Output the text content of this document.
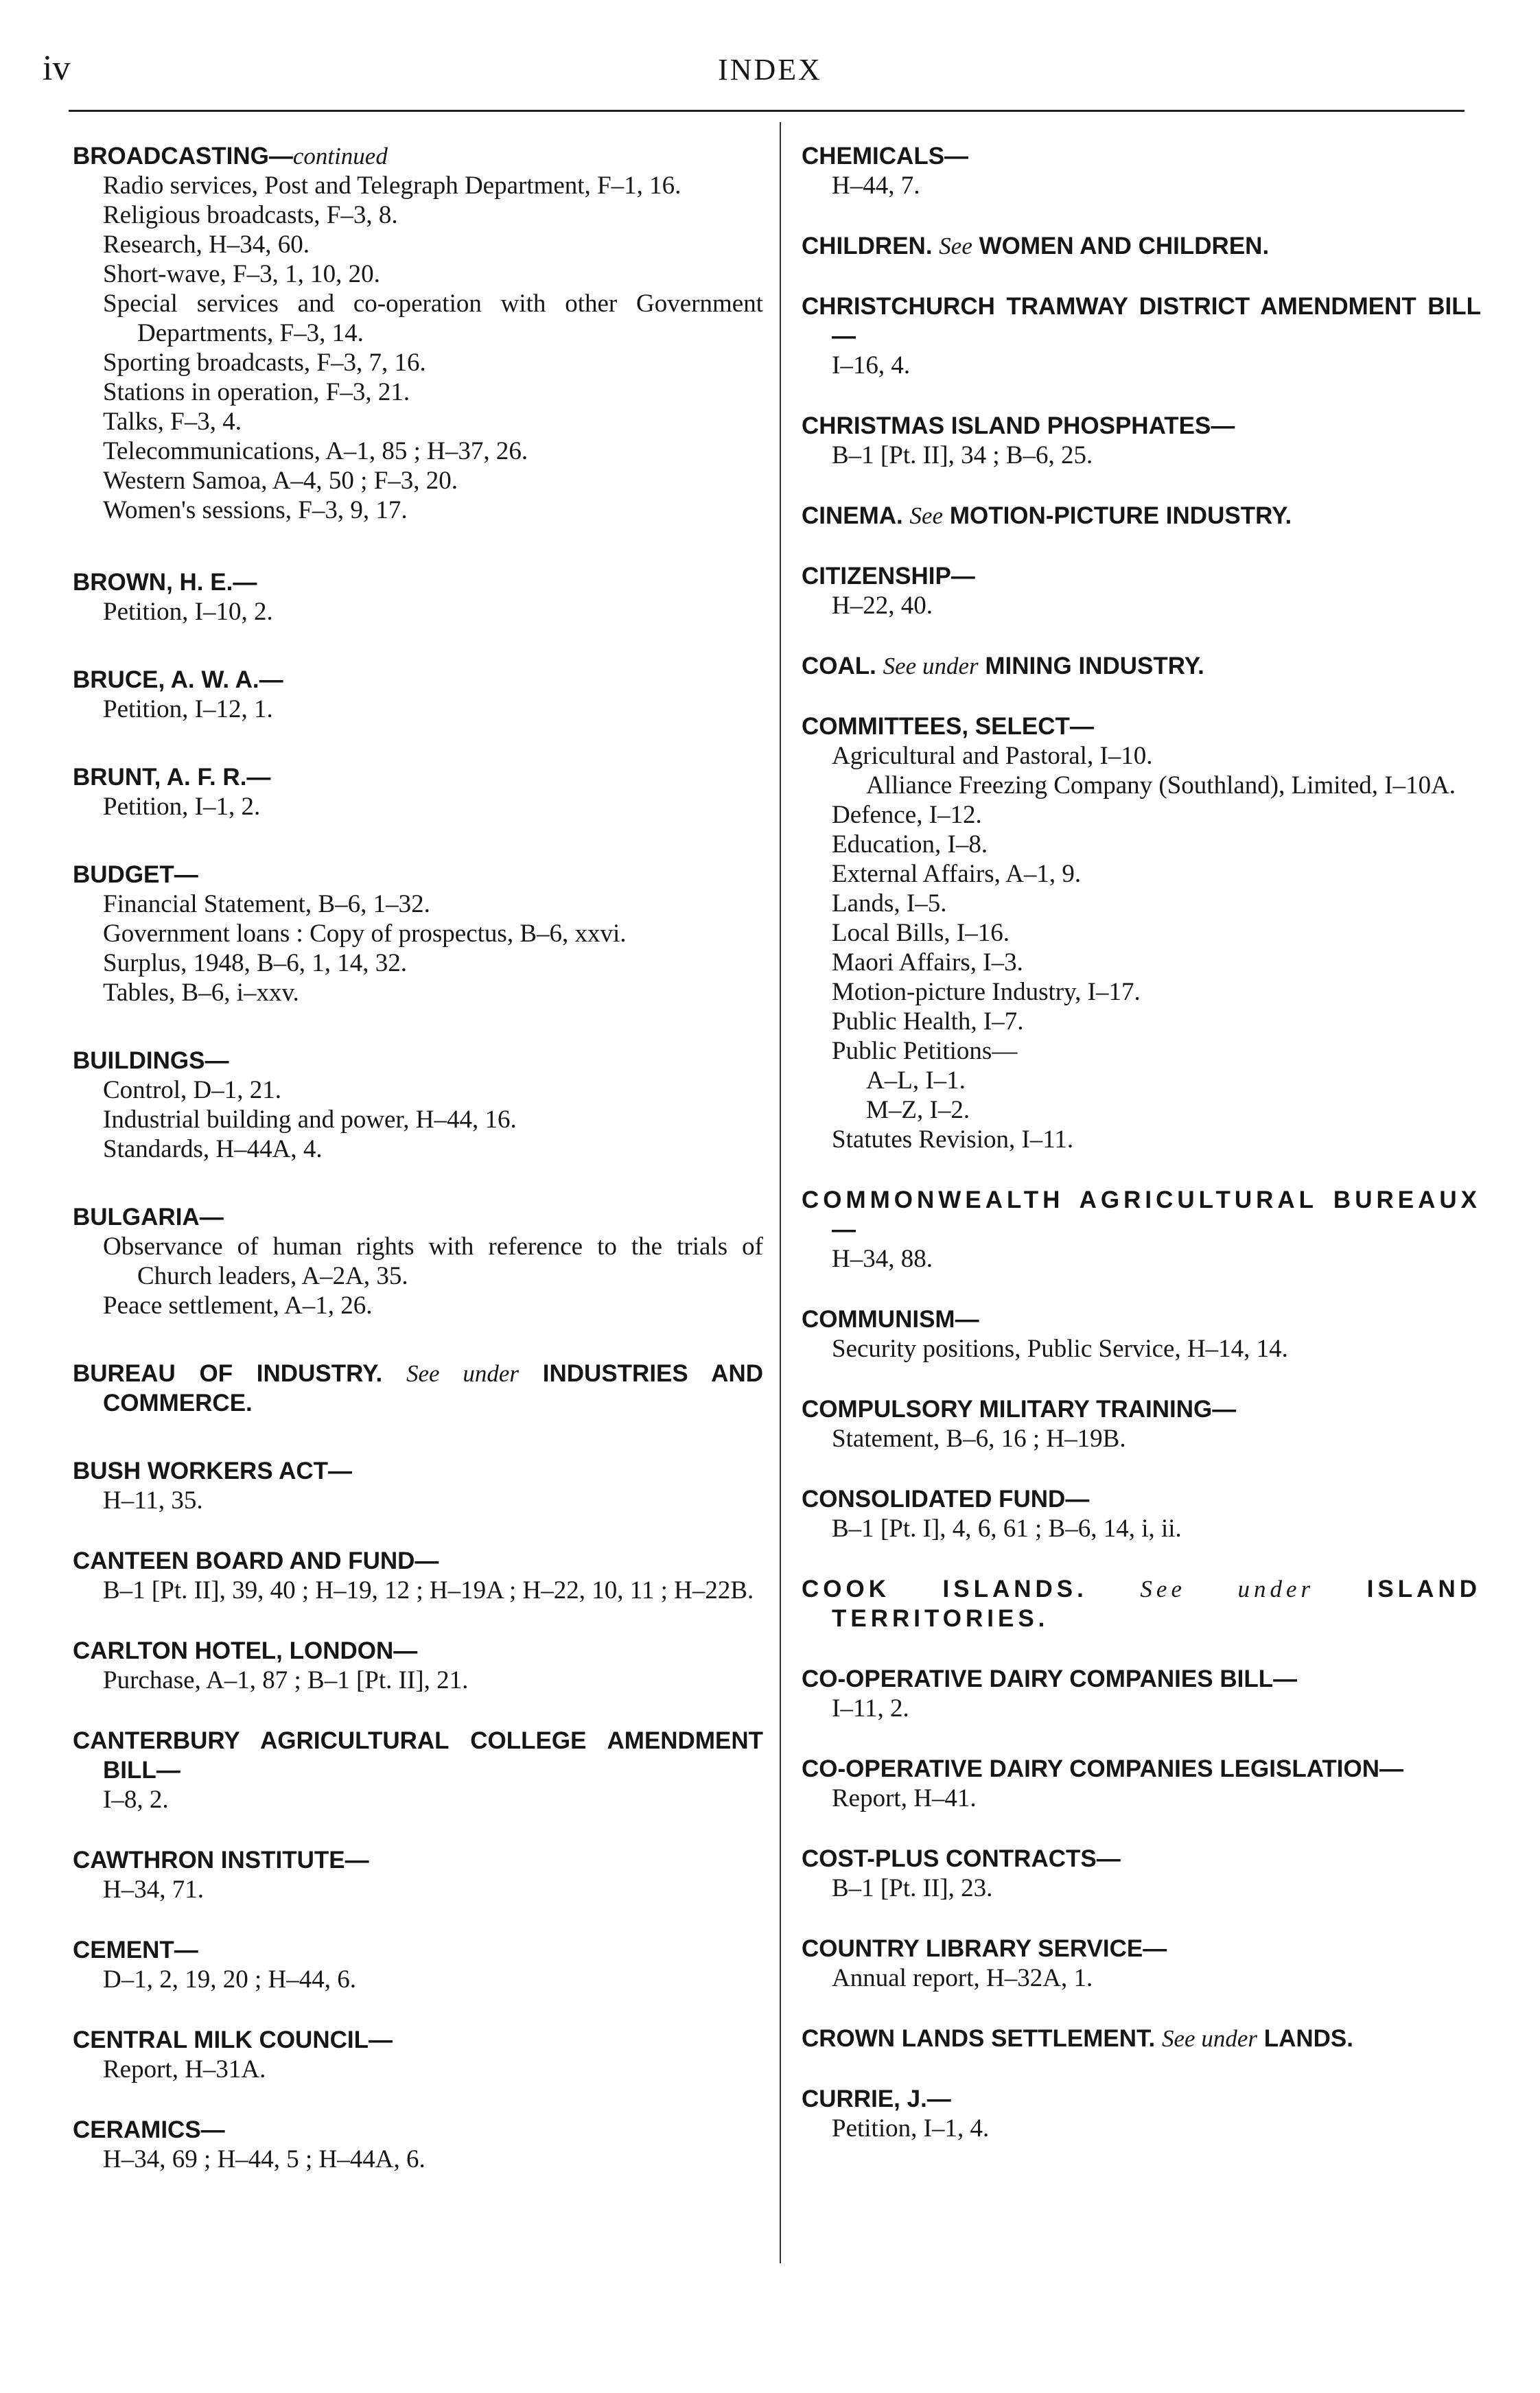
iv	INDEX
BROADCASTING—continued
Radio services, Post and Telegraph Department, F–1, 16.
Religious broadcasts, F–3, 8.
Research, H–34, 60.
Short-wave, F–3, 1, 10, 20.
Special services and co-operation with other Government Departments, F–3, 14.
Sporting broadcasts, F–3, 7, 16.
Stations in operation, F–3, 21.
Talks, F–3, 4.
Telecommunications, A–1, 85 ; H–37, 26.
Western Samoa, A–4, 50 ; F–3, 20.
Women's sessions, F–3, 9, 17.
BROWN, H. E.—
Petition, I–10, 2.
BRUCE, A. W. A.—
Petition, I–12, 1.
BRUNT, A. F. R.—
Petition, I–1, 2.
BUDGET—
Financial Statement, B–6, 1–32.
Government loans : Copy of prospectus, B–6, xxvi.
Surplus, 1948, B–6, 1, 14, 32.
Tables, B–6, i–xxv.
BUILDINGS—
Control, D–1, 21.
Industrial building and power, H–44, 16.
Standards, H–44A, 4.
BULGARIA—
Observance of human rights with reference to the trials of Church leaders, A–2A, 35.
Peace settlement, A–1, 26.
BUREAU OF INDUSTRY. See under INDUSTRIES AND COMMERCE.
BUSH WORKERS ACT—
H–11, 35.
CANTEEN BOARD AND FUND—
B–1 [Pt. II], 39, 40 ; H–19, 12 ; H–19A ; H–22, 10, 11 ; H–22B.
CARLTON HOTEL, LONDON—
Purchase, A–1, 87 ; B–1 [Pt. II], 21.
CANTERBURY AGRICULTURAL COLLEGE AMENDMENT BILL—
I–8, 2.
CAWTHRON INSTITUTE—
H–34, 71.
CEMENT—
D–1, 2, 19, 20 ; H–44, 6.
CENTRAL MILK COUNCIL—
Report, H–31A.
CERAMICS—
H–34, 69 ; H–44, 5 ; H–44A, 6.
CHEMICALS—
H–44, 7.
CHILDREN. See WOMEN AND CHILDREN.
CHRISTCHURCH TRAMWAY DISTRICT AMENDMENT BILL—
I–16, 4.
CHRISTMAS ISLAND PHOSPHATES—
B–1 [Pt. II], 34 ; B–6, 25.
CINEMA. See MOTION-PICTURE INDUSTRY.
CITIZENSHIP—
H–22, 40.
COAL. See under MINING INDUSTRY.
COMMITTEES, SELECT—
Agricultural and Pastoral, I–10.
Alliance Freezing Company (Southland), Limited, I–10A.
Defence, I–12.
Education, I–8.
External Affairs, A–1, 9.
Lands, I–5.
Local Bills, I–16.
Maori Affairs, I–3.
Motion-picture Industry, I–17.
Public Health, I–7.
Public Petitions—
A–L, I–1.
M–Z, I–2.
Statutes Revision, I–11.
COMMONWEALTH AGRICULTURAL BUREAUX—
H–34, 88.
COMMUNISM—
Security positions, Public Service, H–14, 14.
COMPULSORY MILITARY TRAINING—
Statement, B–6, 16 ; H–19B.
CONSOLIDATED FUND—
B–1 [Pt. I], 4, 6, 61 ; B–6, 14, i, ii.
COOK ISLANDS. See under ISLAND TERRITORIES.
CO-OPERATIVE DAIRY COMPANIES BILL—
I–11, 2.
CO-OPERATIVE DAIRY COMPANIES LEGISLATION—
Report, H–41.
COST-PLUS CONTRACTS—
B–1 [Pt. II], 23.
COUNTRY LIBRARY SERVICE—
Annual report, H–32A, 1.
CROWN LANDS SETTLEMENT. See under LANDS.
CURRIE, J.—
Petition, I–1, 4.
